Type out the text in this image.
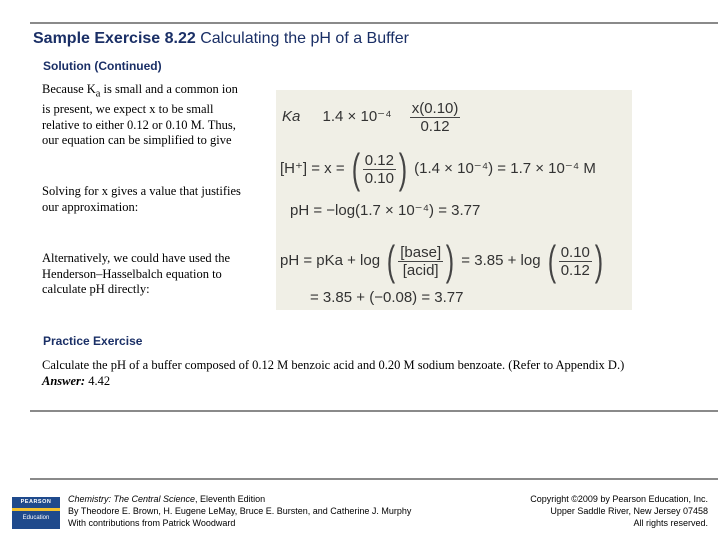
Sample Exercise 8.22 Calculating the pH of a Buffer
Solution (Continued)
Because $K_a$ is small and a common ion is present, we expect x to be small relative to either 0.12 or 0.10 M. Thus, our equation can be simplified to give
Solving for x gives a value that justifies our approximation:
Alternatively, we could have used the Henderson–Hasselbalch equation to calculate pH directly:
Ka $1.4 \times 10^{-4} \frac{x(0.10)}{0.12}$
[H⁺] = x = ( $\frac{0.12}{0.10}$ ) (1.4 × 10⁻⁴) = 1.7 × 10⁻⁴ M
pH = −log(1.7 × 10⁻⁴) = 3.77
pH = pKa + log ( $\frac{\text{[base]}}{\text{[acid]}}$ ) = 3.85 + log ( $\frac{0.10}{0.12}$ )
= 3.85 + (−0.08) = 3.77
Practice Exercise
Calculate the pH of a buffer composed of 0.12 M benzoic acid and 0.20 M sodium benzoate. (Refer to Appendix D.)
Answer: 4.42
PEARSON
Education
Chemistry: The Central Science, Eleventh Edition
By Theodore E. Brown, H. Eugene LeMay, Bruce E. Bursten, and Catherine J. Murphy
With contributions from Patrick Woodward
Copyright ©2009 by Pearson Education, Inc.
Upper Saddle River, New Jersey 07458
All rights reserved.
